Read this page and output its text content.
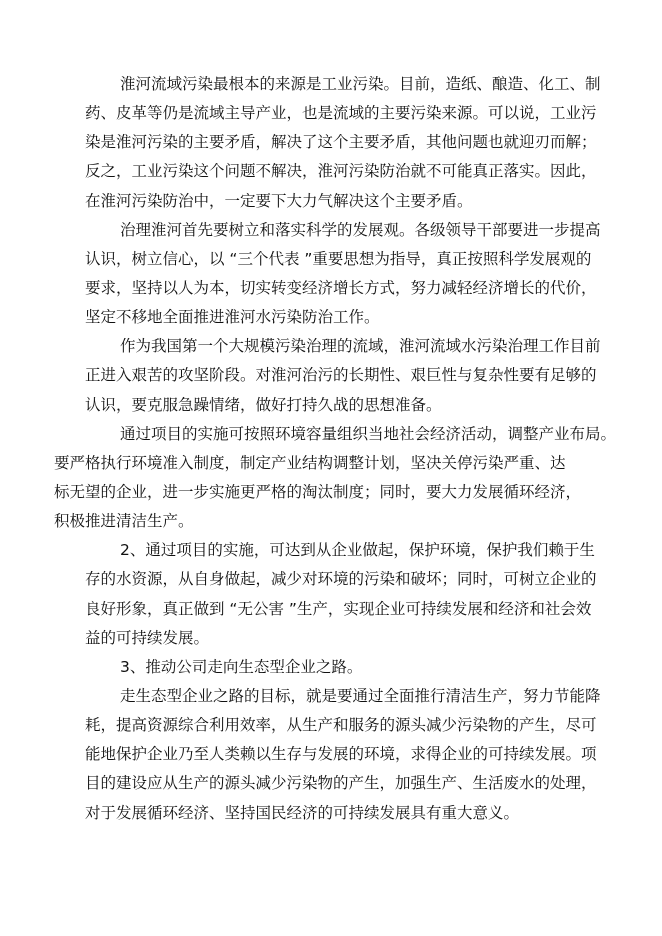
淮河流域污染最根本的来源是工业污染。目前，造纸、酿造、化工、制
药、皮革等仍是流域主导产业，也是流域的主要污染来源。可以说，工业污
染是淮河污染的主要矛盾，解决了这个主要矛盾，其他问题也就迎刃而解；
反之，工业污染这个问题不解决，淮河污染防治就不可能真正落实。因此，
在淮河污染防治中，一定要下大力气解决这个主要矛盾。
治理淮河首先要树立和落实科学的发展观。各级领导干部要进一步提高
认识，树立信心，以 “三个代表 ”重要思想为指导，真正按照科学发展观的
要求，坚持以人为本，切实转变经济增长方式，努力减轻经济增长的代价，
坚定不移地全面推进淮河水污染防治工作。
作为我国第一个大规模污染治理的流域，淮河流域水污染治理工作目前
正进入艰苦的攻坚阶段。对淮河治污的长期性、艰巨性与复杂性要有足够的
认识，要克服急躁情绪，做好打持久战的思想准备。
通过项目的实施可按照环境容量组织当地社会经济活动，调整产业布局。
要严格执行环境准入制度，制定产业结构调整计划，坚决关停污染严重、达
标无望的企业，进一步实施更严格的淘汰制度；同时，要大力发展循环经济，
积极推进清洁生产。
2、通过项目的实施，可达到从企业做起，保护环境，保护我们赖于生
存的水资源，从自身做起，减少对环境的污染和破坏；同时，可树立企业的
良好形象，真正做到 “无公害 ”生产，实现企业可持续发展和经济和社会效
益的可持续发展。
3、推动公司走向生态型企业之路。
走生态型企业之路的目标，就是要通过全面推行清洁生产，努力节能降
耗，提高资源综合利用效率，从生产和服务的源头减少污染物的产生，尽可
能地保护企业乃至人类赖以生存与发展的环境，求得企业的可持续发展。项
目的建设应从生产的源头减少污染物的产生，加强生产、生活废水的处理，
对于发展循环经济、坚持国民经济的可持续发展具有重大意义。
